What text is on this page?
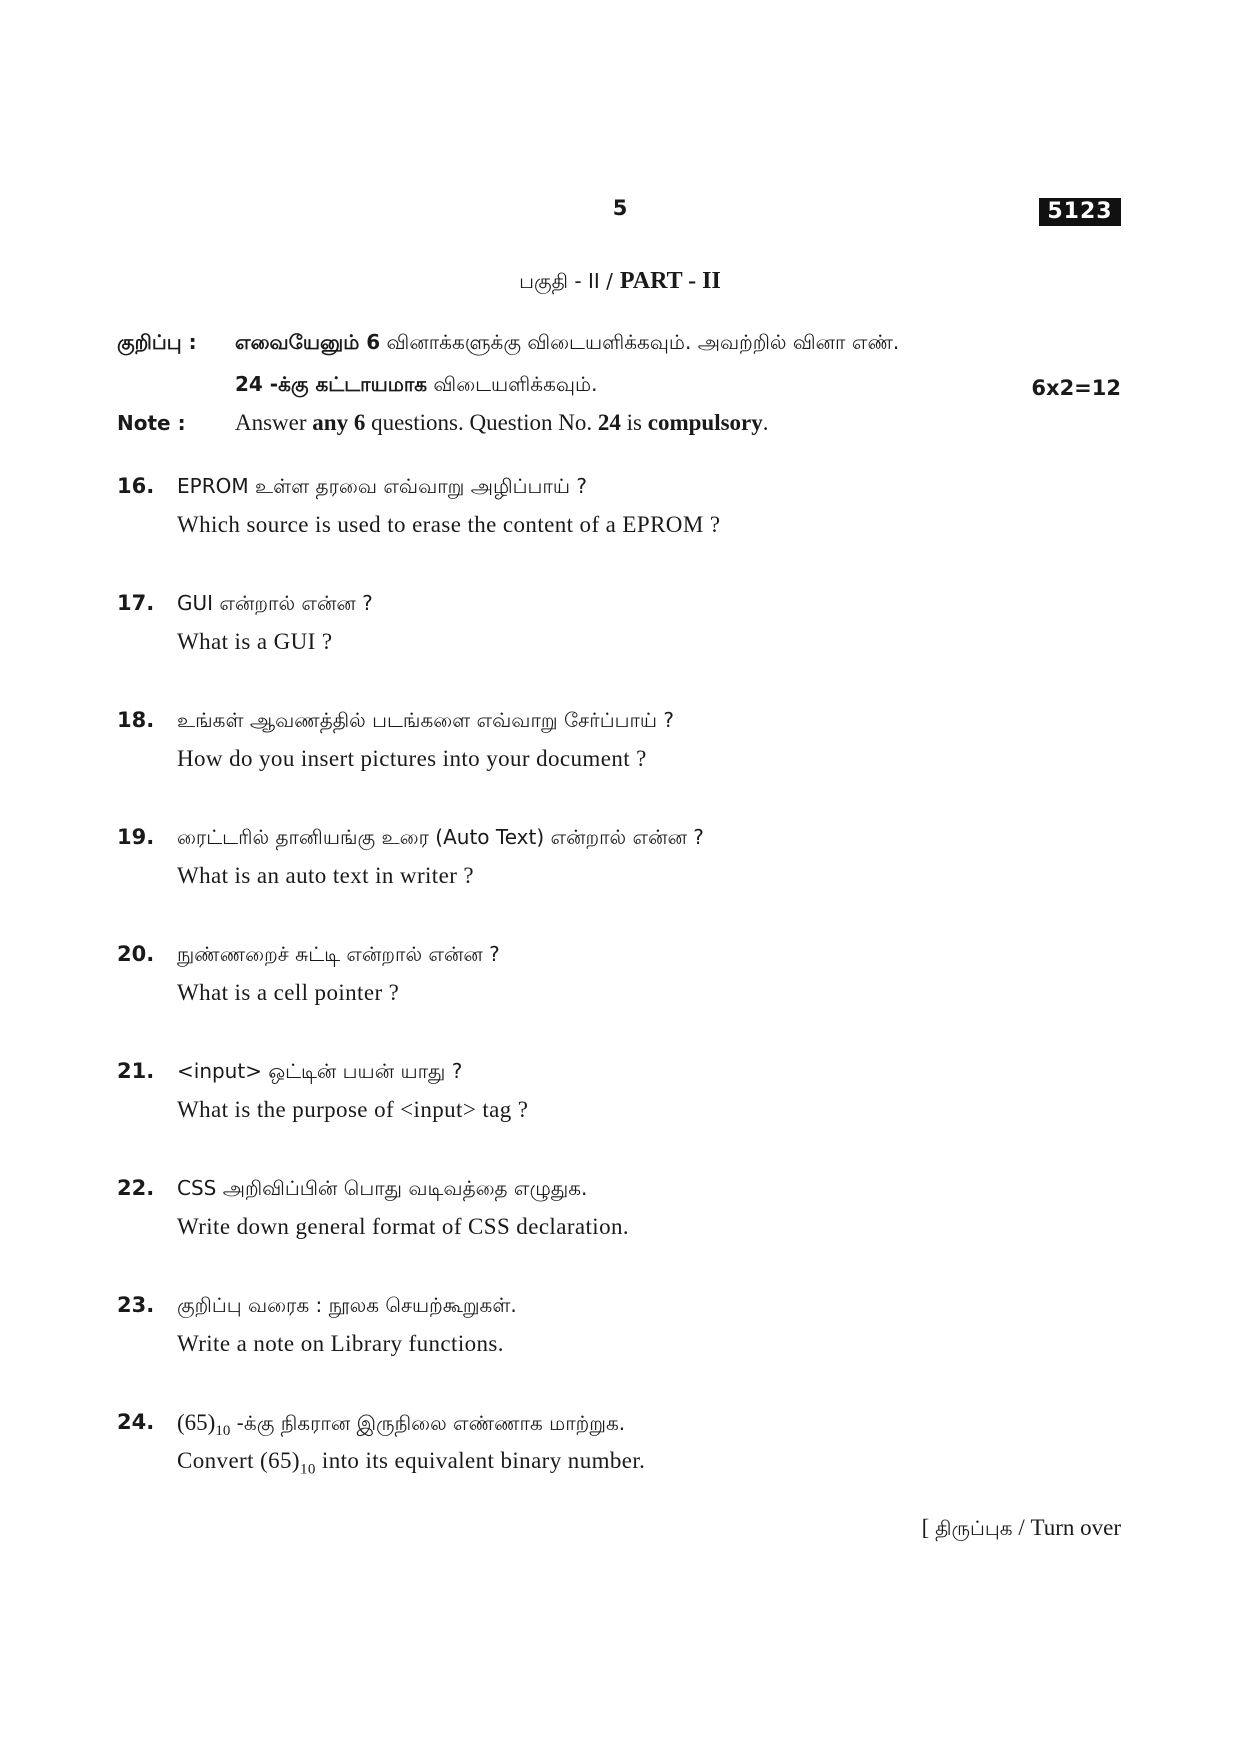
5	5123
பகுதி - II / PART - II
குறிப்பு : எவையேனும் 6 வினாக்களுக்கு விடையளிக்கவும். அவற்றில் வினா எண்.
24 -க்கு கட்டாயமாக விடையளிக்கவும்.	6x2=12
Note : Answer any 6 questions. Question No. 24 is compulsory.
16.	EPROM உள்ள தரவை எவ்வாறு அழிப்பாய் ?
Which source is used to erase the content of a EPROM ?
17.	GUI என்றால் என்ன ?
What is a GUI ?
18.	உங்கள் ஆவணத்தில் படங்களை எவ்வாறு சேர்ப்பாய் ?
How do you insert pictures into your document ?
19.	ரைட்டரில் தானியங்கு உரை (Auto Text) என்றால் என்ன ?
What is an auto text in writer ?
20.	நுண்ணறைச் சுட்டி என்றால் என்ன ?
What is a cell pointer ?
21.	<input> ஒட்டின் பயன் யாது ?
What is the purpose of <input> tag ?
22.	CSS அறிவிப்பின் பொது வடிவத்தை எழுதுக.
Write down general format of CSS declaration.
23.	குறிப்பு வரைக : நூலக செயற்கூறுகள்.
Write a note on Library functions.
24. $(65)_{10}$ -க்கு நிகரான இருநிலை எண்ணாக மாற்றுக.
Convert $(65)_{10}$ into its equivalent binary number.
[ திருப்புக / Turn over
